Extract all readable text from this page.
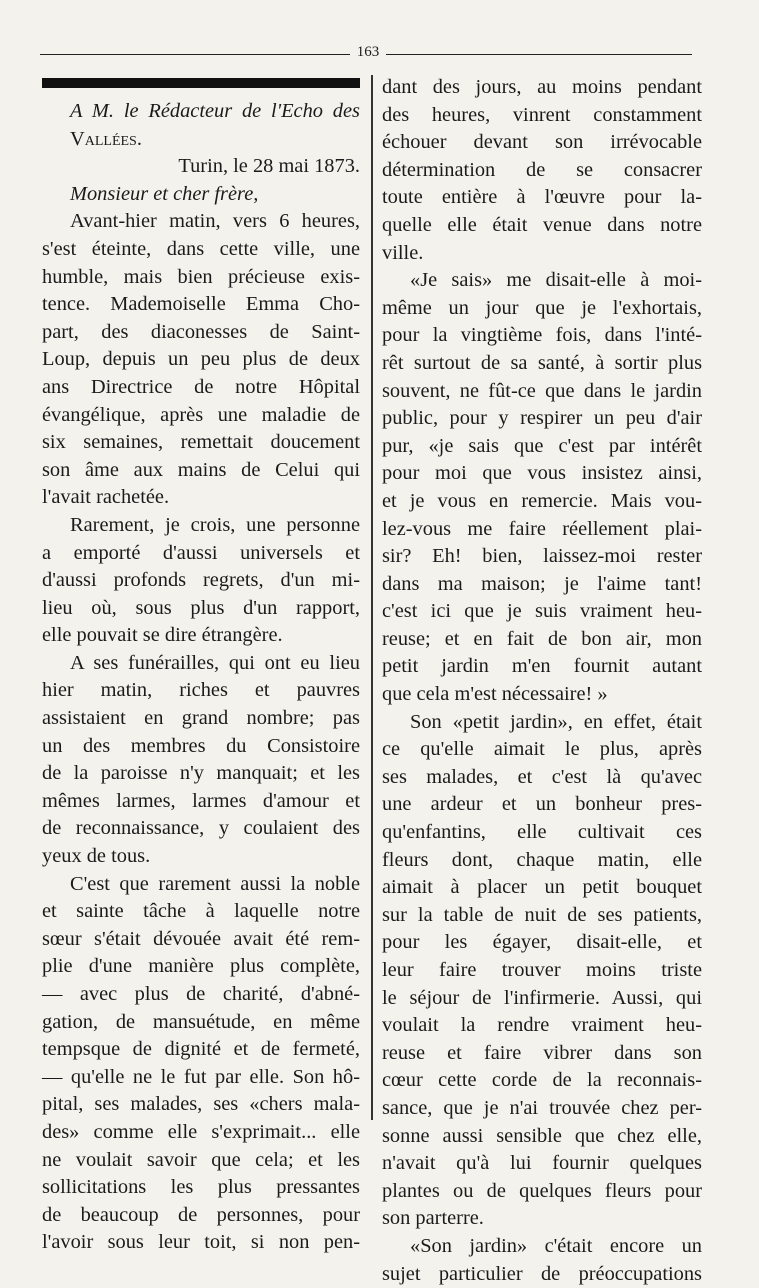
163
A M. le Rédacteur de l'Echo des
Vallées.
Turin, le 28 mai 1873.
Monsieur et cher frère,
Avant-hier matin, vers 6 heures,
s'est éteinte, dans cette ville, une
humble, mais bien précieuse exis-
tence. Mademoiselle Emma Cho-
part, des diaconesses de Saint-
Loup, depuis un peu plus de deux
ans Directrice de notre Hôpital
évangélique, après une maladie de
six semaines, remettait doucement
son âme aux mains de Celui qui
l'avait rachetée.
Rarement, je crois, une personne
a emporté d'aussi universels et
d'aussi profonds regrets, d'un mi-
lieu où, sous plus d'un rapport,
elle pouvait se dire étrangère.
A ses funérailles, qui ont eu lieu
hier matin, riches et pauvres
assistaient en grand nombre; pas
un des membres du Consistoire
de la paroisse n'y manquait; et les
mêmes larmes, larmes d'amour et
de reconnaissance, y coulaient des
yeux de tous.
C'est que rarement aussi la noble
et sainte tâche à laquelle notre
sœur s'était dévouée avait été rem-
plie d'une manière plus complète,
— avec plus de charité, d'abné-
gation, de mansuétude, en même
tempsque de dignité et de fermeté,
— qu'elle ne le fut par elle. Son hô-
pital, ses malades, ses «chers mala-
des» comme elle s'exprimait... elle
ne voulait savoir que cela; et les
sollicitations les plus pressantes
de beaucoup de personnes, pour
l'avoir sous leur toit, si non pen-
dant des jours, au moins pendant
des heures, vinrent constamment
échouer devant son irrévocable
détermination de se consacrer
toute entière à l'œuvre pour la-
quelle elle était venue dans notre
ville.
«Je sais» me disait-elle à moi-
même un jour que je l'exhortais,
pour la vingtième fois, dans l'inté-
rêt surtout de sa santé, à sortir plus
souvent, ne fût-ce que dans le jardin
public, pour y respirer un peu d'air
pur, «je sais que c'est par intérêt
pour moi que vous insistez ainsi,
et je vous en remercie. Mais vou-
lez-vous me faire réellement plai-
sir? Eh! bien, laissez-moi rester
dans ma maison; je l'aime tant!
c'est ici que je suis vraiment heu-
reuse; et en fait de bon air, mon
petit jardin m'en fournit autant
que cela m'est nécessaire! »
Son «petit jardin», en effet, était
ce qu'elle aimait le plus, après
ses malades, et c'est là qu'avec
une ardeur et un bonheur pres-
qu'enfantins, elle cultivait ces
fleurs dont, chaque matin, elle
aimait à placer un petit bouquet
sur la table de nuit de ses patients,
pour les égayer, disait-elle, et
leur faire trouver moins triste
le séjour de l'infirmerie. Aussi, qui
voulait la rendre vraiment heu-
reuse et faire vibrer dans son
cœur cette corde de la reconnais-
sance, que je n'ai trouvée chez per-
sonne aussi sensible que chez elle,
n'avait qu'à lui fournir quelques
plantes ou de quelques fleurs pour
son parterre.
«Son jardin» c'était encore un
sujet particulier de préoccupations
